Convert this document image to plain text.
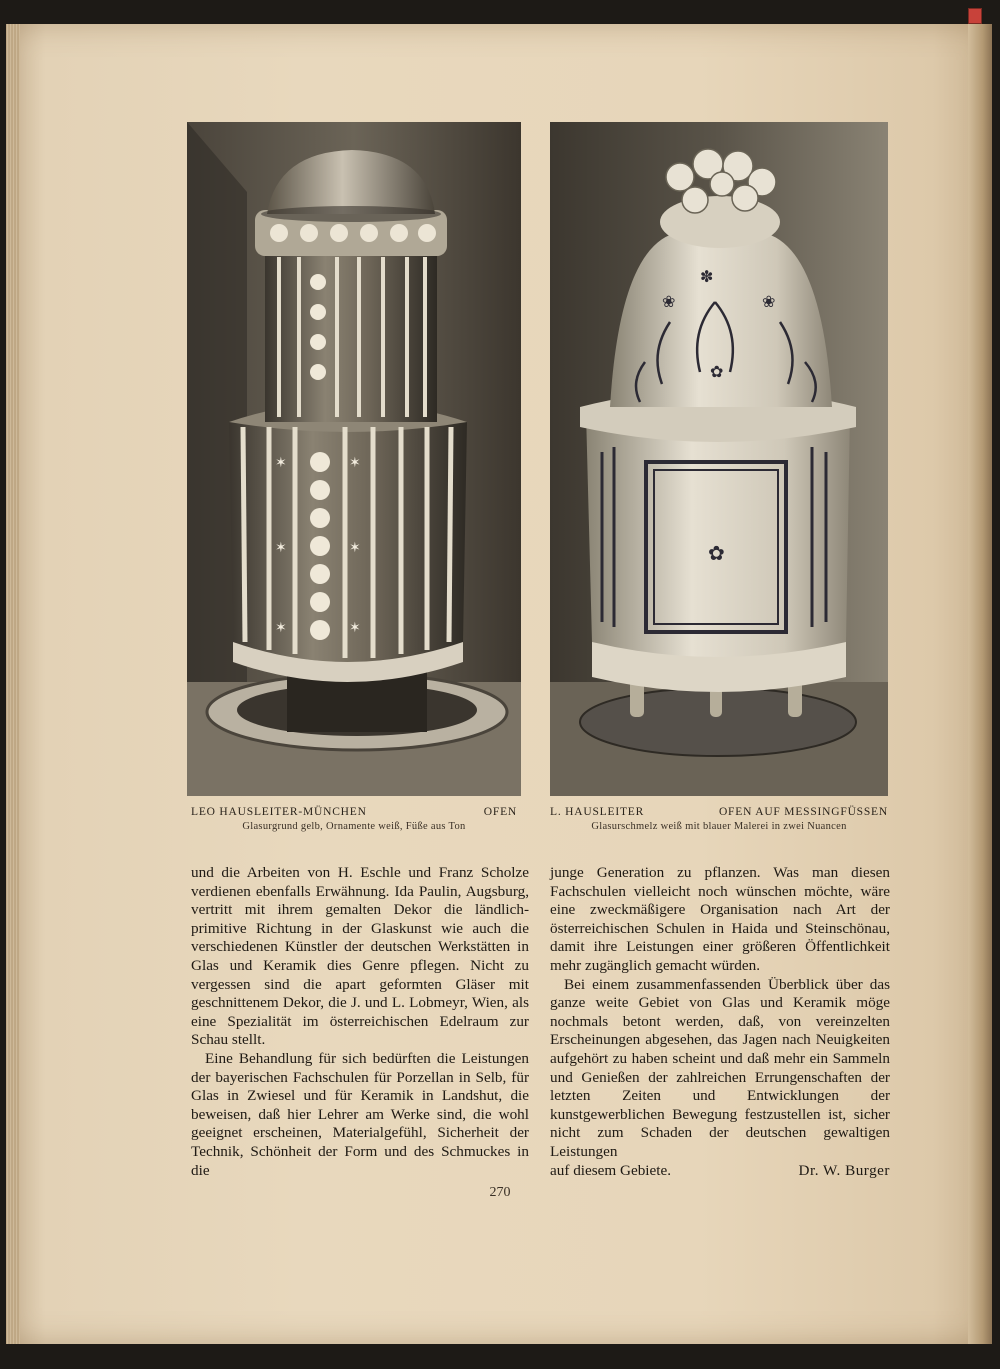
✶	✶
✶	✶
✶	✶
✿
✽
❀	❀
✿
LEO HAUSLEITER-MÜNCHEN	OFEN
Glasurgrund gelb, Ornamente weiß, Füße aus Ton
L. HAUSLEITER	OFEN AUF MESSINGFÜSSEN
Glasurschmelz weiß mit blauer Malerei in zwei Nuancen

und die Arbeiten von H. Eschle und Franz Scholze verdienen ebenfalls Erwähnung. Ida Paulin, Augsburg, vertritt mit ihrem gemalten Dekor die ländlich-primitive Richtung in der Glaskunst wie auch die verschiedenen Künstler der deutschen Werkstätten in Glas und Keramik dies Genre pflegen. Nicht zu vergessen sind die apart geformten Gläser mit geschnittenem Dekor, die J. und L. Lobmeyr, Wien, als eine Spezialität im österreichischen Edelraum zur Schau stellt.

Eine Behandlung für sich bedürften die Leistungen der bayerischen Fachschulen für Porzellan in Selb, für Glas in Zwiesel und für Keramik in Landshut, die beweisen, daß hier Lehrer am Werke sind, die wohl geeignet erscheinen, Materialgefühl, Sicherheit der Technik, Schönheit der Form und des Schmuckes in die

junge Generation zu pflanzen. Was man diesen Fachschulen vielleicht noch wünschen möchte, wäre eine zweckmäßigere Organisation nach Art der österreichischen Schulen in Haida und Steinschönau, damit ihre Leistungen einer größeren Öffentlichkeit mehr zugänglich gemacht würden.

Bei einem zusammenfassenden Überblick über das ganze weite Gebiet von Glas und Keramik möge nochmals betont werden, daß, von vereinzelten Erscheinungen abgesehen, das Jagen nach Neuigkeiten aufgehört zu haben scheint und daß mehr ein Sammeln und Genießen der zahlreichen Errungenschaften der letzten Zeiten und Entwicklungen der kunstgewerblichen Bewegung festzustellen ist, sicher nicht zum Schaden der deutschen gewaltigen Leistungen

auf diesem Gebiete.	Dr. W. Burger
270
